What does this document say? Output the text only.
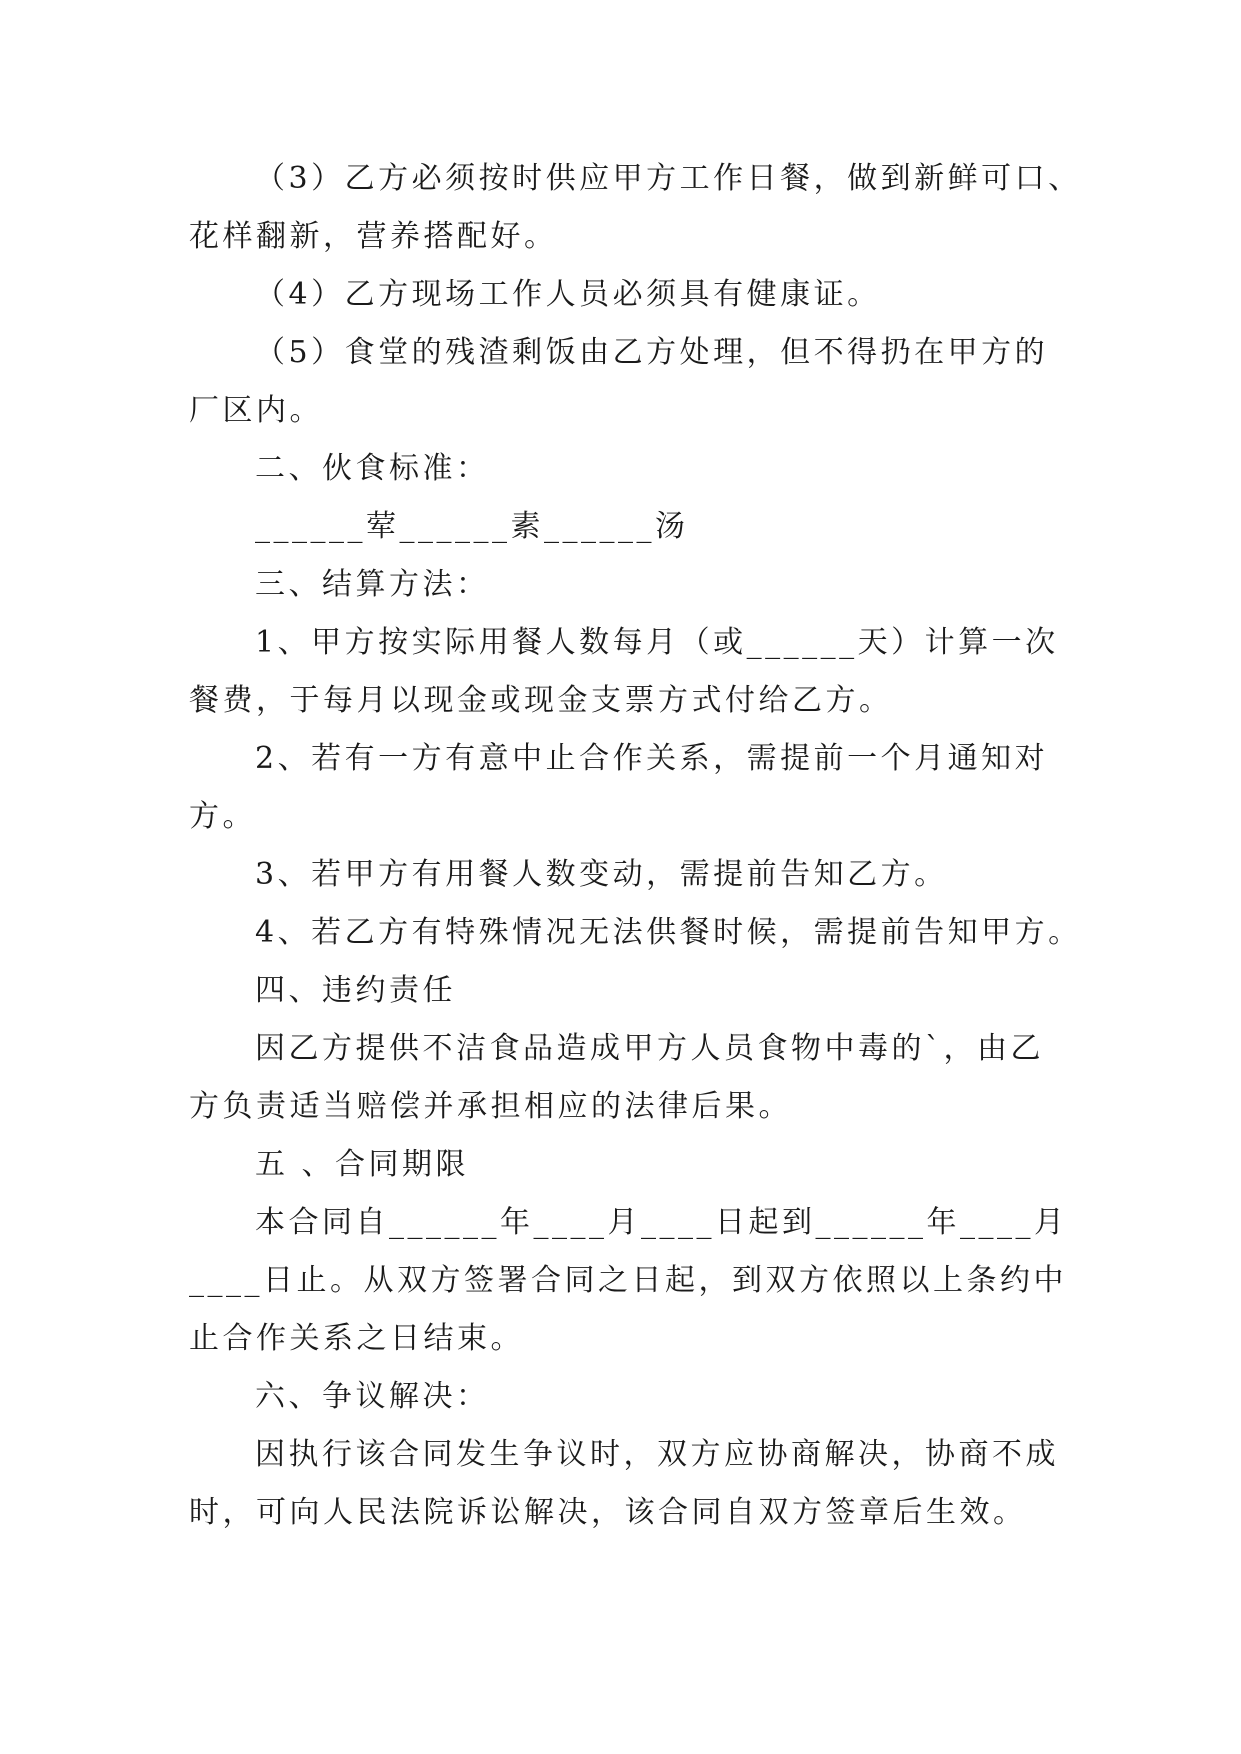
（3）乙方必须按时供应甲方工作日餐，做到新鲜可口、

花样翻新，营养搭配好。

（4）乙方现场工作人员必须具有健康证。

（5）食堂的残渣剩饭由乙方处理，但不得扔在甲方的

厂区内。

二、伙食标准：

______荤______素______汤

三、结算方法：

1、甲方按实际用餐人数每月（或______天）计算一次

餐费，于每月以现金或现金支票方式付给乙方。

2、若有一方有意中止合作关系，需提前一个月通知对

方。

3、若甲方有用餐人数变动，需提前告知乙方。

4、若乙方有特殊情况无法供餐时候，需提前告知甲方。

四、违约责任

因乙方提供不洁食品造成甲方人员食物中毒的`，由乙

方负责适当赔偿并承担相应的法律后果。

五 、合同期限

本合同自______年____月____日起到______年____月

____日止。从双方签署合同之日起，到双方依照以上条约中

止合作关系之日结束。

六、争议解决：

因执行该合同发生争议时，双方应协商解决，协商不成

时，可向人民法院诉讼解决，该合同自双方签章后生效。
